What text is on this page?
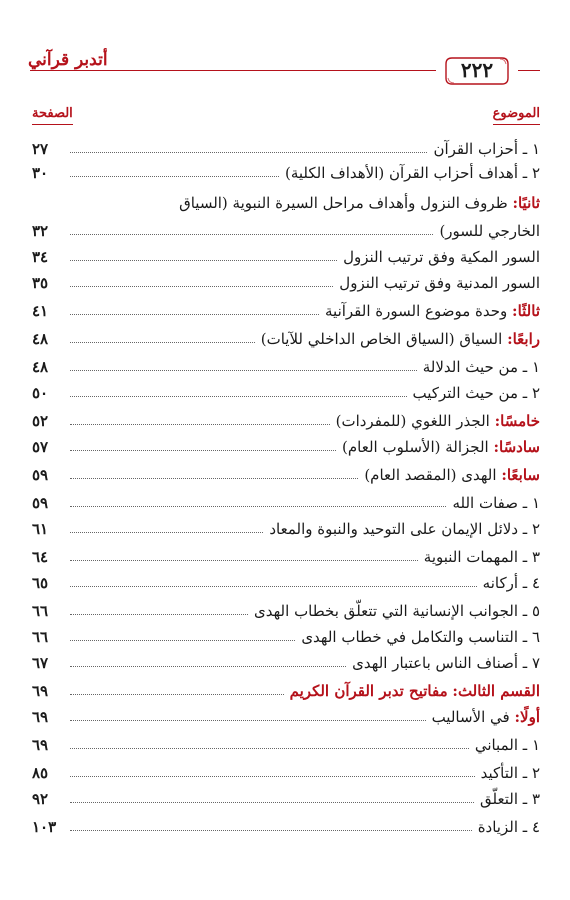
أتدبر قرآني	٢٢٢
الموضوع
الصفحة
١ ـ أحزاب القرآن
٢٧
٢ ـ أهداف أحزاب القرآن (الأهداف الكلية)
٣٠
ثانيًا: ظروف النزول وأهداف مراحل السيرة النبوية (السياق
الخارجي للسور)
٣٢
السور المكية وفق ترتيب النزول
٣٤
السور المدنية وفق ترتيب النزول
٣٥
ثالثًا: وحدة موضوع السورة القرآنية
٤١
رابعًا: السياق (السياق الخاص الداخلي للآيات)
٤٨
١ ـ من حيث الدلالة
٤٨
٢ ـ من حيث التركيب
٥٠
خامسًا: الجذر اللغوي (للمفردات)
٥٢
سادسًا: الجزالة (الأسلوب العام)
٥٧
سابعًا: الهدى (المقصد العام)
٥٩
١ ـ صفات الله
٥٩
٢ ـ دلائل الإيمان على التوحيد والنبوة والمعاد
٦١
٣ ـ المهمات النبوية
٦٤
٤ ـ أركانه
٦٥
٥ ـ الجوانب الإنسانية التي تتعلّق بخطاب الهدى
٦٦
٦ ـ التناسب والتكامل في خطاب الهدى
٦٦
٧ ـ أصناف الناس باعتبار الهدى
٦٧
القسم الثالث: مفاتيح تدبر القرآن الكريم
٦٩
أولًا: في الأساليب
٦٩
١ ـ المباني
٦٩
٢ ـ التأكيد
٨٥
٣ ـ التعلّق
٩٢
٤ ـ الزيادة
١٠٣
